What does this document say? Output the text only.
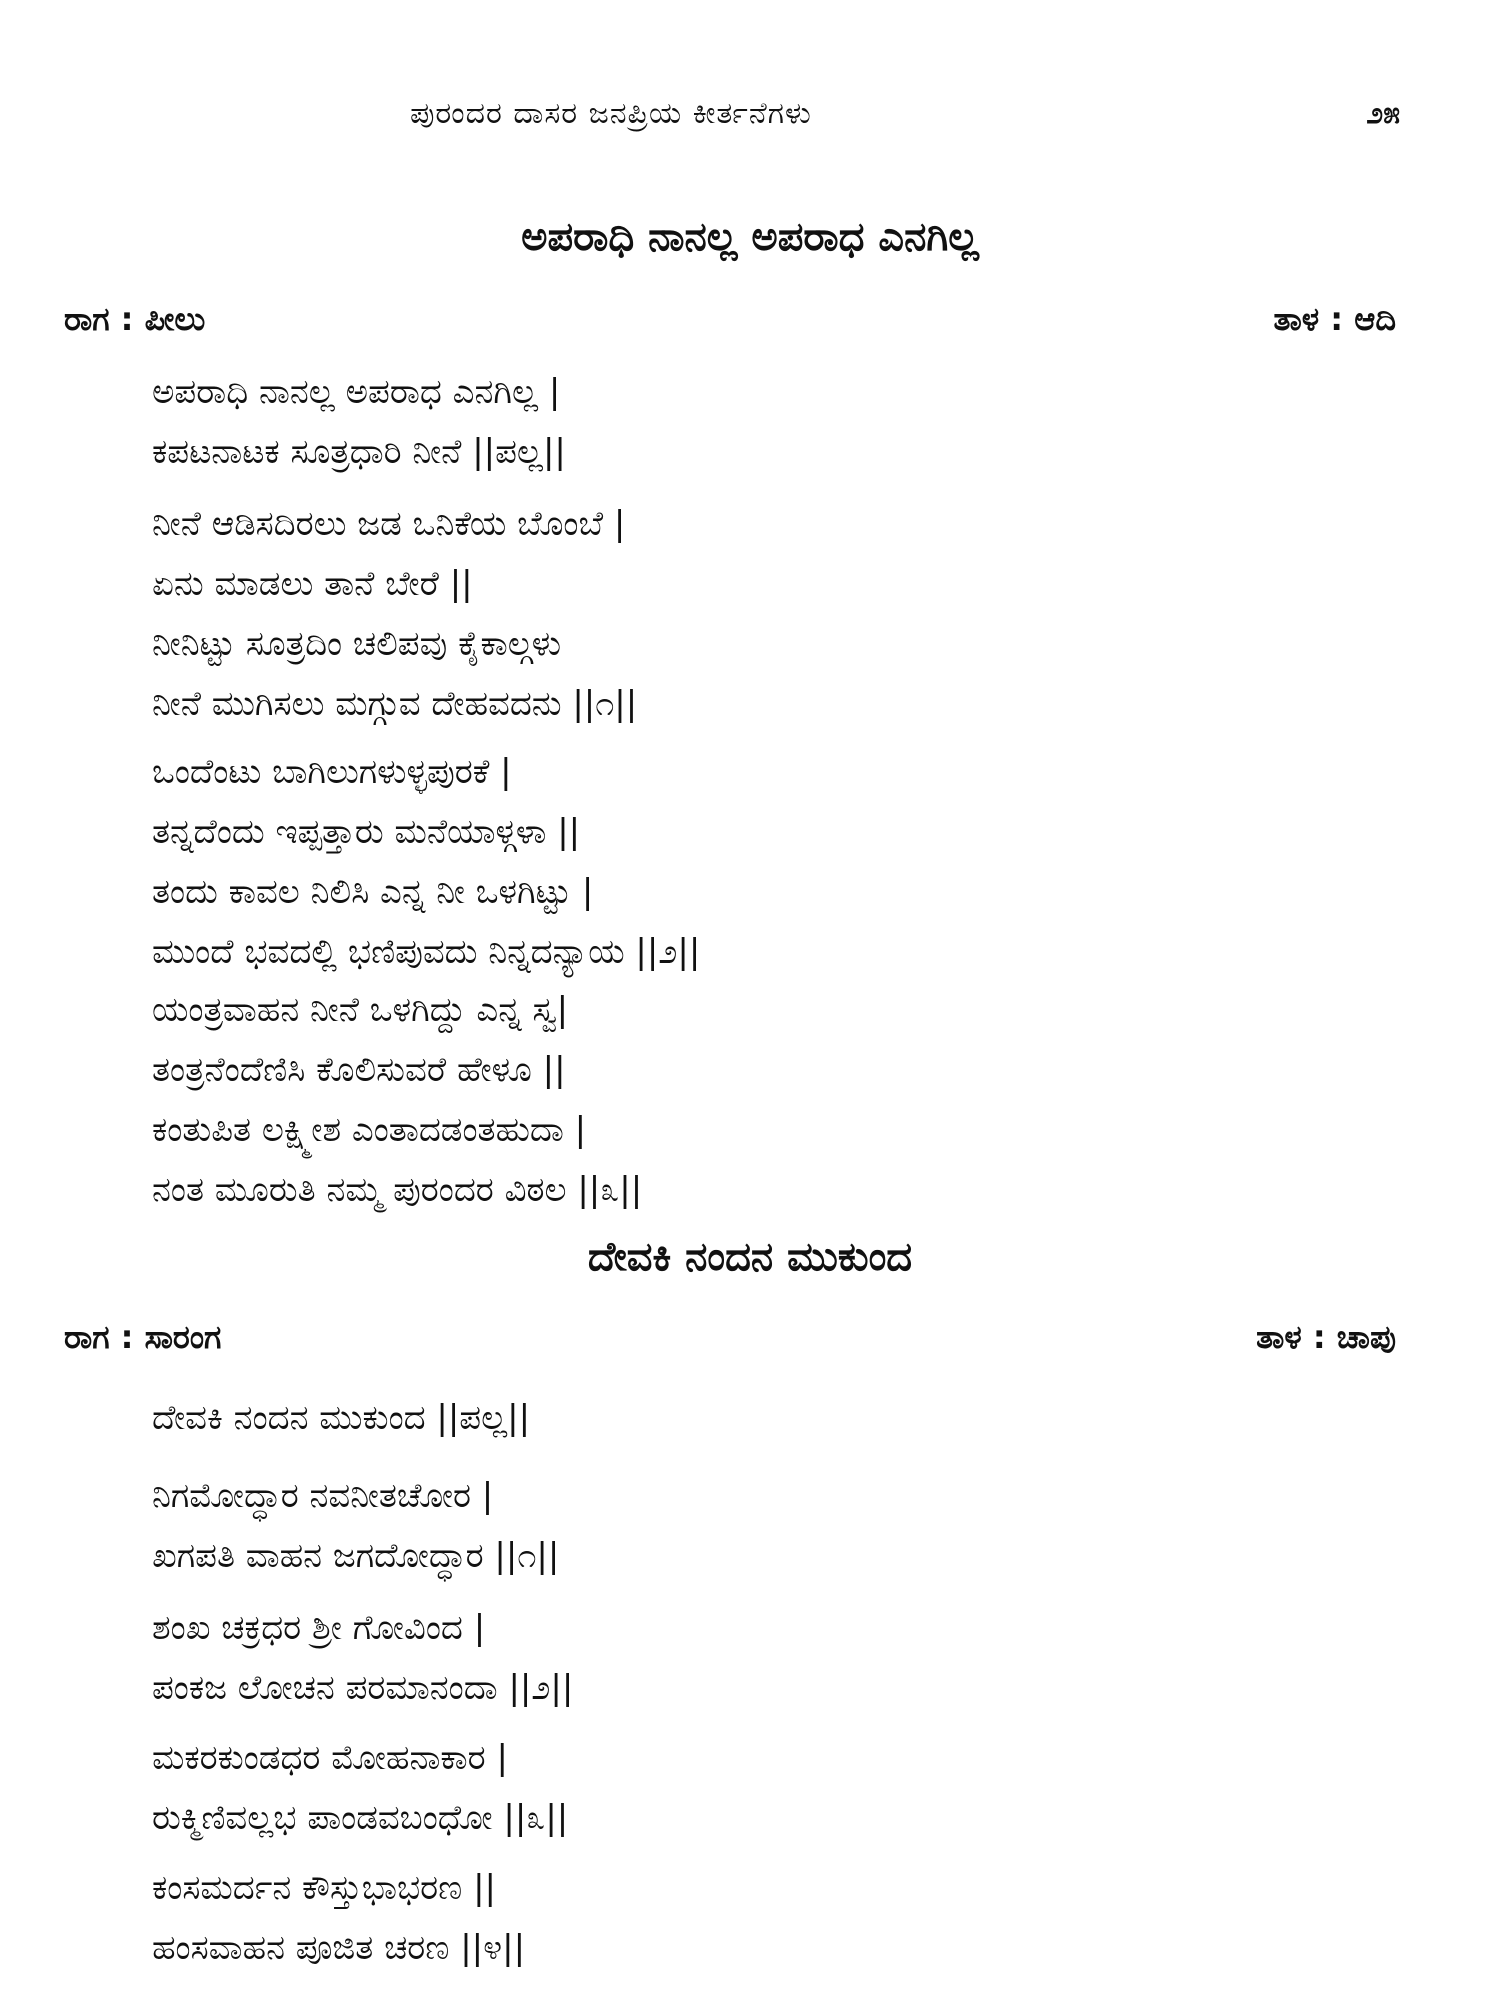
ಪುರಂದರ ದಾಸರ ಜನಪ್ರಿಯ ಕೀರ್ತನೆಗಳು	೨೫
ಅಪರಾಧಿ ನಾನಲ್ಲ ಅಪರಾಧ ಎನಗಿಲ್ಲ
ರಾಗ : ಪೀಲು	ತಾಳ : ಆದಿ
ಅಪರಾಧಿ ನಾನಲ್ಲ ಅಪರಾಧ ಎನಗಿಲ್ಲ |
ಕಪಟನಾಟಕ ಸೂತ್ರಧಾರಿ ನೀನೆ ||ಪಲ್ಲ||
ನೀನೆ ಆಡಿಸದಿರಲು ಜಡ ಒನಿಕೆಯ ಬೊಂಬೆ |
ಏನು ಮಾಡಲು ತಾನೆ ಬೇರೆ ||
ನೀನಿಟ್ಟು ಸೂತ್ರದಿಂ ಚಲಿಪವು ಕೈಕಾಲ್ಗಳು
ನೀನೆ ಮುಗಿಸಲು ಮಗ್ಗುವ ದೇಹವದನು ||೧||
ಒಂದೆಂಟು ಬಾಗಿಲುಗಳುಳ್ಳಪುರಕೆ |
ತನ್ನದೆಂದು ಇಪ್ಪತ್ತಾರು ಮನೆಯಾಳ್ಗಳಾ ||
ತಂದು ಕಾವಲ ನಿಲಿಸಿ ಎನ್ನ ನೀ ಒಳಗಿಟ್ಟು |
ಮುಂದೆ ಭವದಲ್ಲಿ ಭಣಿಪುವದು ನಿನ್ನದನ್ಯಾಯ ||೨||
ಯಂತ್ರವಾಹನ ನೀನೆ ಒಳಗಿದ್ದು ಎನ್ನ ಸ್ವ|
ತಂತ್ರನೆಂದೆಣಿಸಿ ಕೊಲಿಸುವರೆ ಹೇಳೂ ||
ಕಂತುಪಿತ ಲಕ್ಷ್ಮೀಶ ಎಂತಾದಡಂತಹುದಾ |
ನಂತ ಮೂರುತಿ ನಮ್ಮ ಪುರಂದರ ವಿಠಲ ||೩||
ದೇವಕಿ ನಂದನ ಮುಕುಂದ
ರಾಗ : ಸಾರಂಗ	ತಾಳ : ಚಾಪು
ದೇವಕಿ ನಂದನ ಮುಕುಂದ ||ಪಲ್ಲ||
ನಿಗಮೋದ್ಧಾರ ನವನೀತಚೋರ |
ಖಗಪತಿ ವಾಹನ ಜಗದೋದ್ಧಾರ ||೧||
ಶಂಖ ಚಕ್ರಧರ ಶ್ರೀ ಗೋವಿಂದ |
ಪಂಕಜ ಲೋಚನ ಪರಮಾನಂದಾ ||೨||
ಮಕರಕುಂಡಧರ ಮೋಹನಾಕಾರ |
ರುಕ್ಮಿಣಿವಲ್ಲಭ ಪಾಂಡವಬಂಧೋ ||೩||
ಕಂಸಮರ್ದನ ಕೌಸ್ತುಭಾಭರಣ ||
ಹಂಸವಾಹನ ಪೂಜಿತ ಚರಣ ||೪||
